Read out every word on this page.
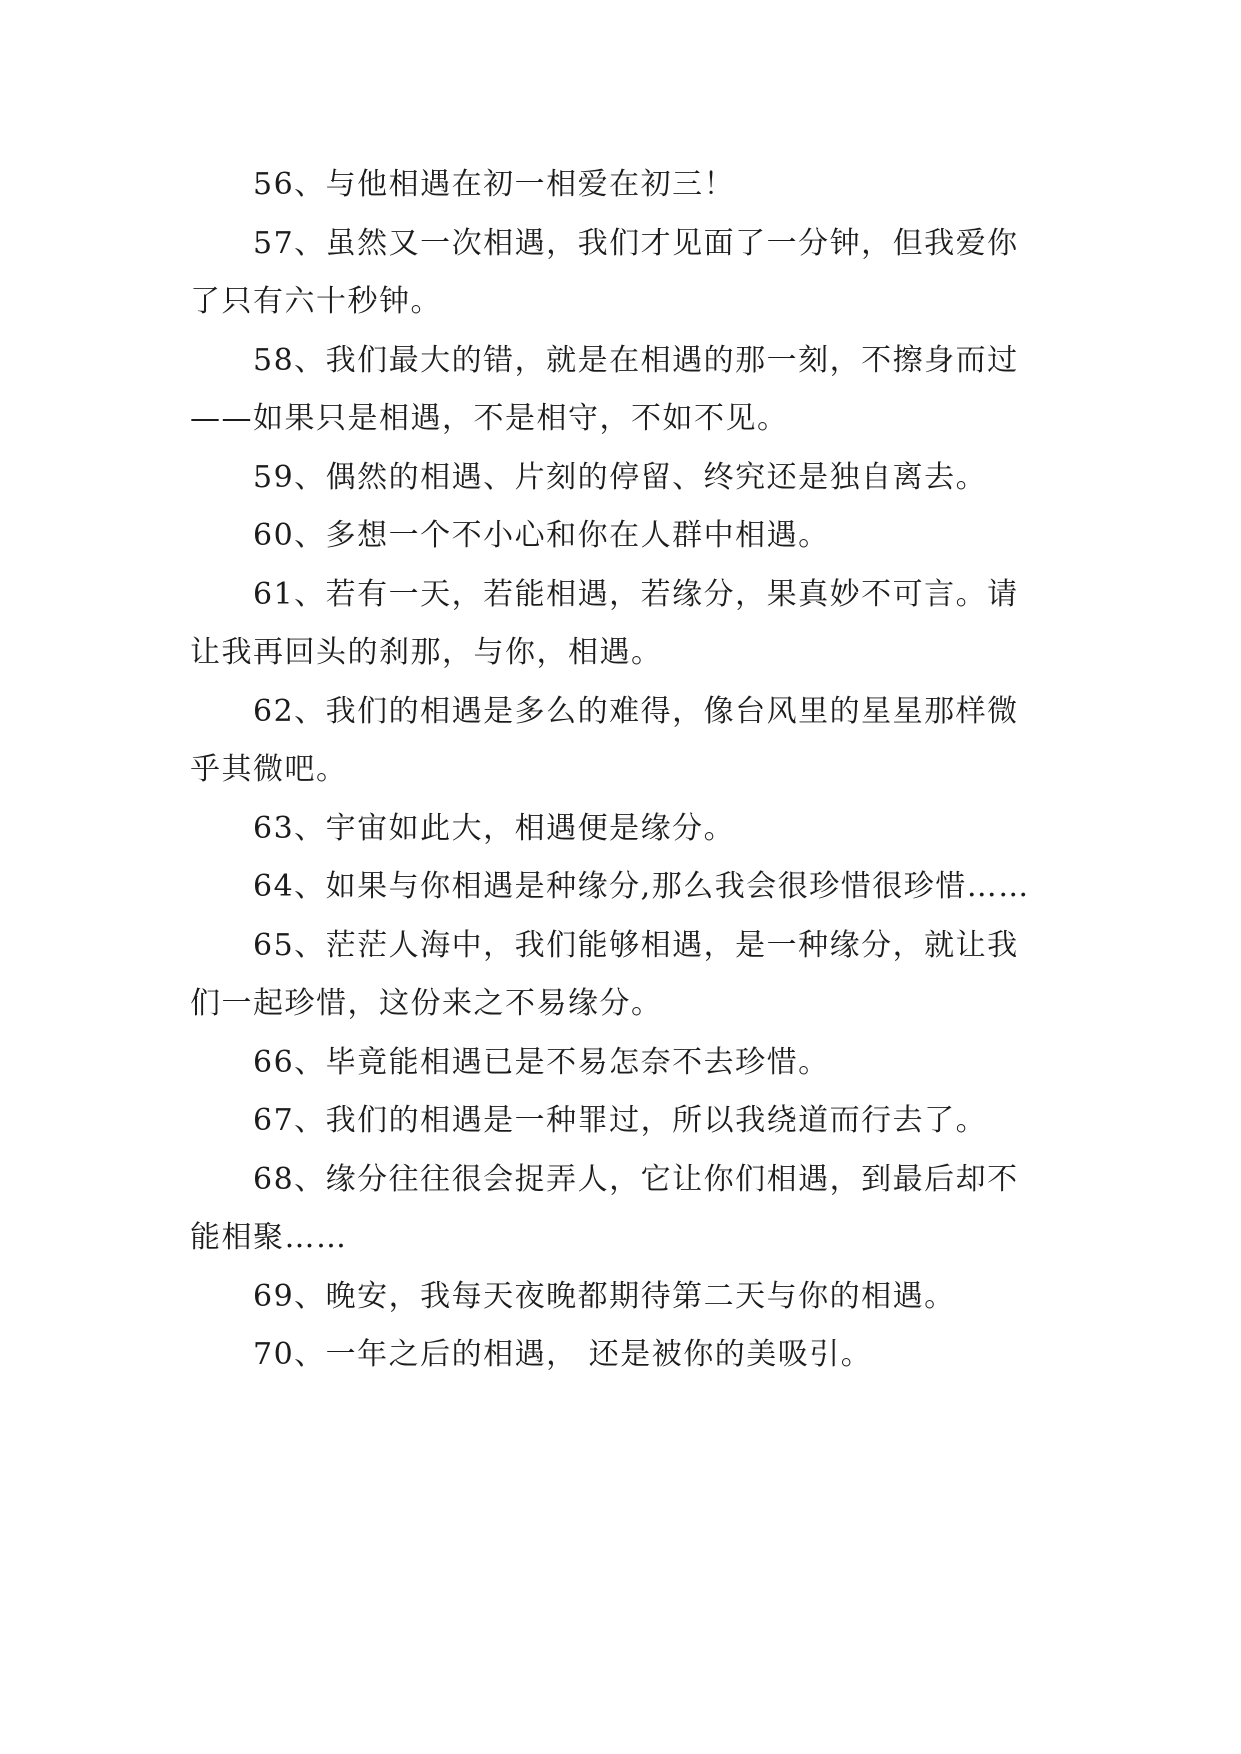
56、与他相遇在初一相爱在初三！
57、虽然又一次相遇，我们才见面了一分钟，但我爱你
了只有六十秒钟。
58、我们最大的错，就是在相遇的那一刻，不擦身而过
——如果只是相遇，不是相守，不如不见。
59、偶然的相遇、片刻的停留、终究还是独自离去。
60、多想一个不小心和你在人群中相遇。
61、若有一天，若能相遇，若缘分，果真妙不可言。请
让我再回头的刹那，与你，相遇。
62、我们的相遇是多么的难得，像台风里的星星那样微
乎其微吧。
63、宇宙如此大，相遇便是缘分。
64、如果与你相遇是种缘分,那么我会很珍惜很珍惜……
65、茫茫人海中，我们能够相遇，是一种缘分，就让我
们一起珍惜，这份来之不易缘分。
66、毕竟能相遇已是不易怎奈不去珍惜。
67、我们的相遇是一种罪过，所以我绕道而行去了。
68、缘分往往很会捉弄人，它让你们相遇，到最后却不
能相聚……
69、晚安，我每天夜晚都期待第二天与你的相遇。
70、一年之后的相遇， 还是被你的美吸引。
